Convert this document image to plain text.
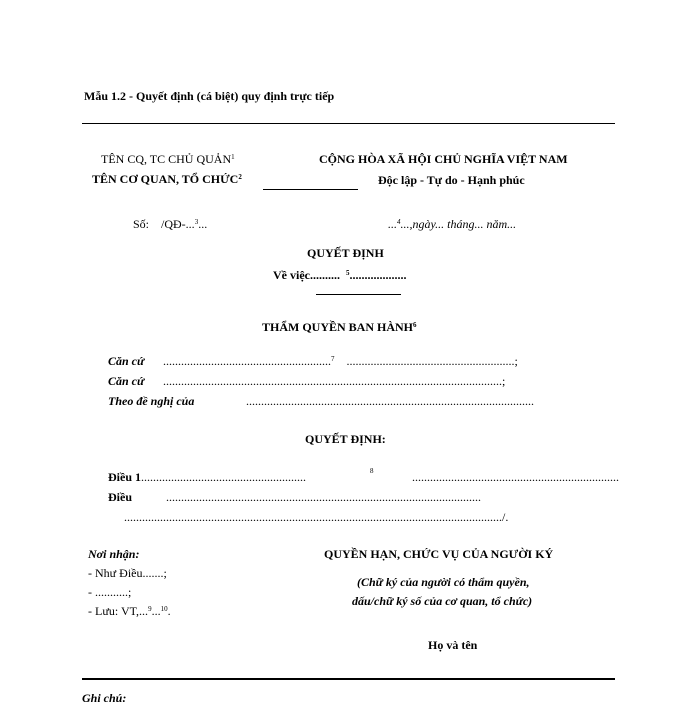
Mẫu 1.2 - Quyết định (cá biệt) quy định trực tiếp
TÊN CQ, TC CHỦ QUẢN$^1$
TÊN CƠ QUAN, TỔ CHỨC$^2$
CỘNG HÒA XÃ HỘI CHỦ NGHĨA VIỆT NAM
Độc lập - Tự do - Hạnh phúc
Số: /QĐ-...$^3$...	...$^4$...,ngày... tháng... năm...
QUYẾT ĐỊNH
Về việc.......... $^5$...................
THẨM QUYỀN BAN HÀNH$^6$
Căn cứ ........................................................$^7$ ........................................................;
Căn cứ .................................................................................................................;
Theo đề nghị của	................................................................................................
QUYẾT ĐỊNH:
Điều 1.......................................................	$^8$	.....................................................................
Điều	.........................................................................................................
............................................................................................................................../.
Nơi nhận:
- Như Điều.......;
- ...........;
- Lưu: VT,...$^9$...$^{10}$.
QUYỀN HẠN, CHỨC VỤ CỦA NGƯỜI KÝ
(Chữ ký của người có thẩm quyền,
dấu/chữ ký số của cơ quan, tổ chức)
Họ và tên
Ghi chú:
